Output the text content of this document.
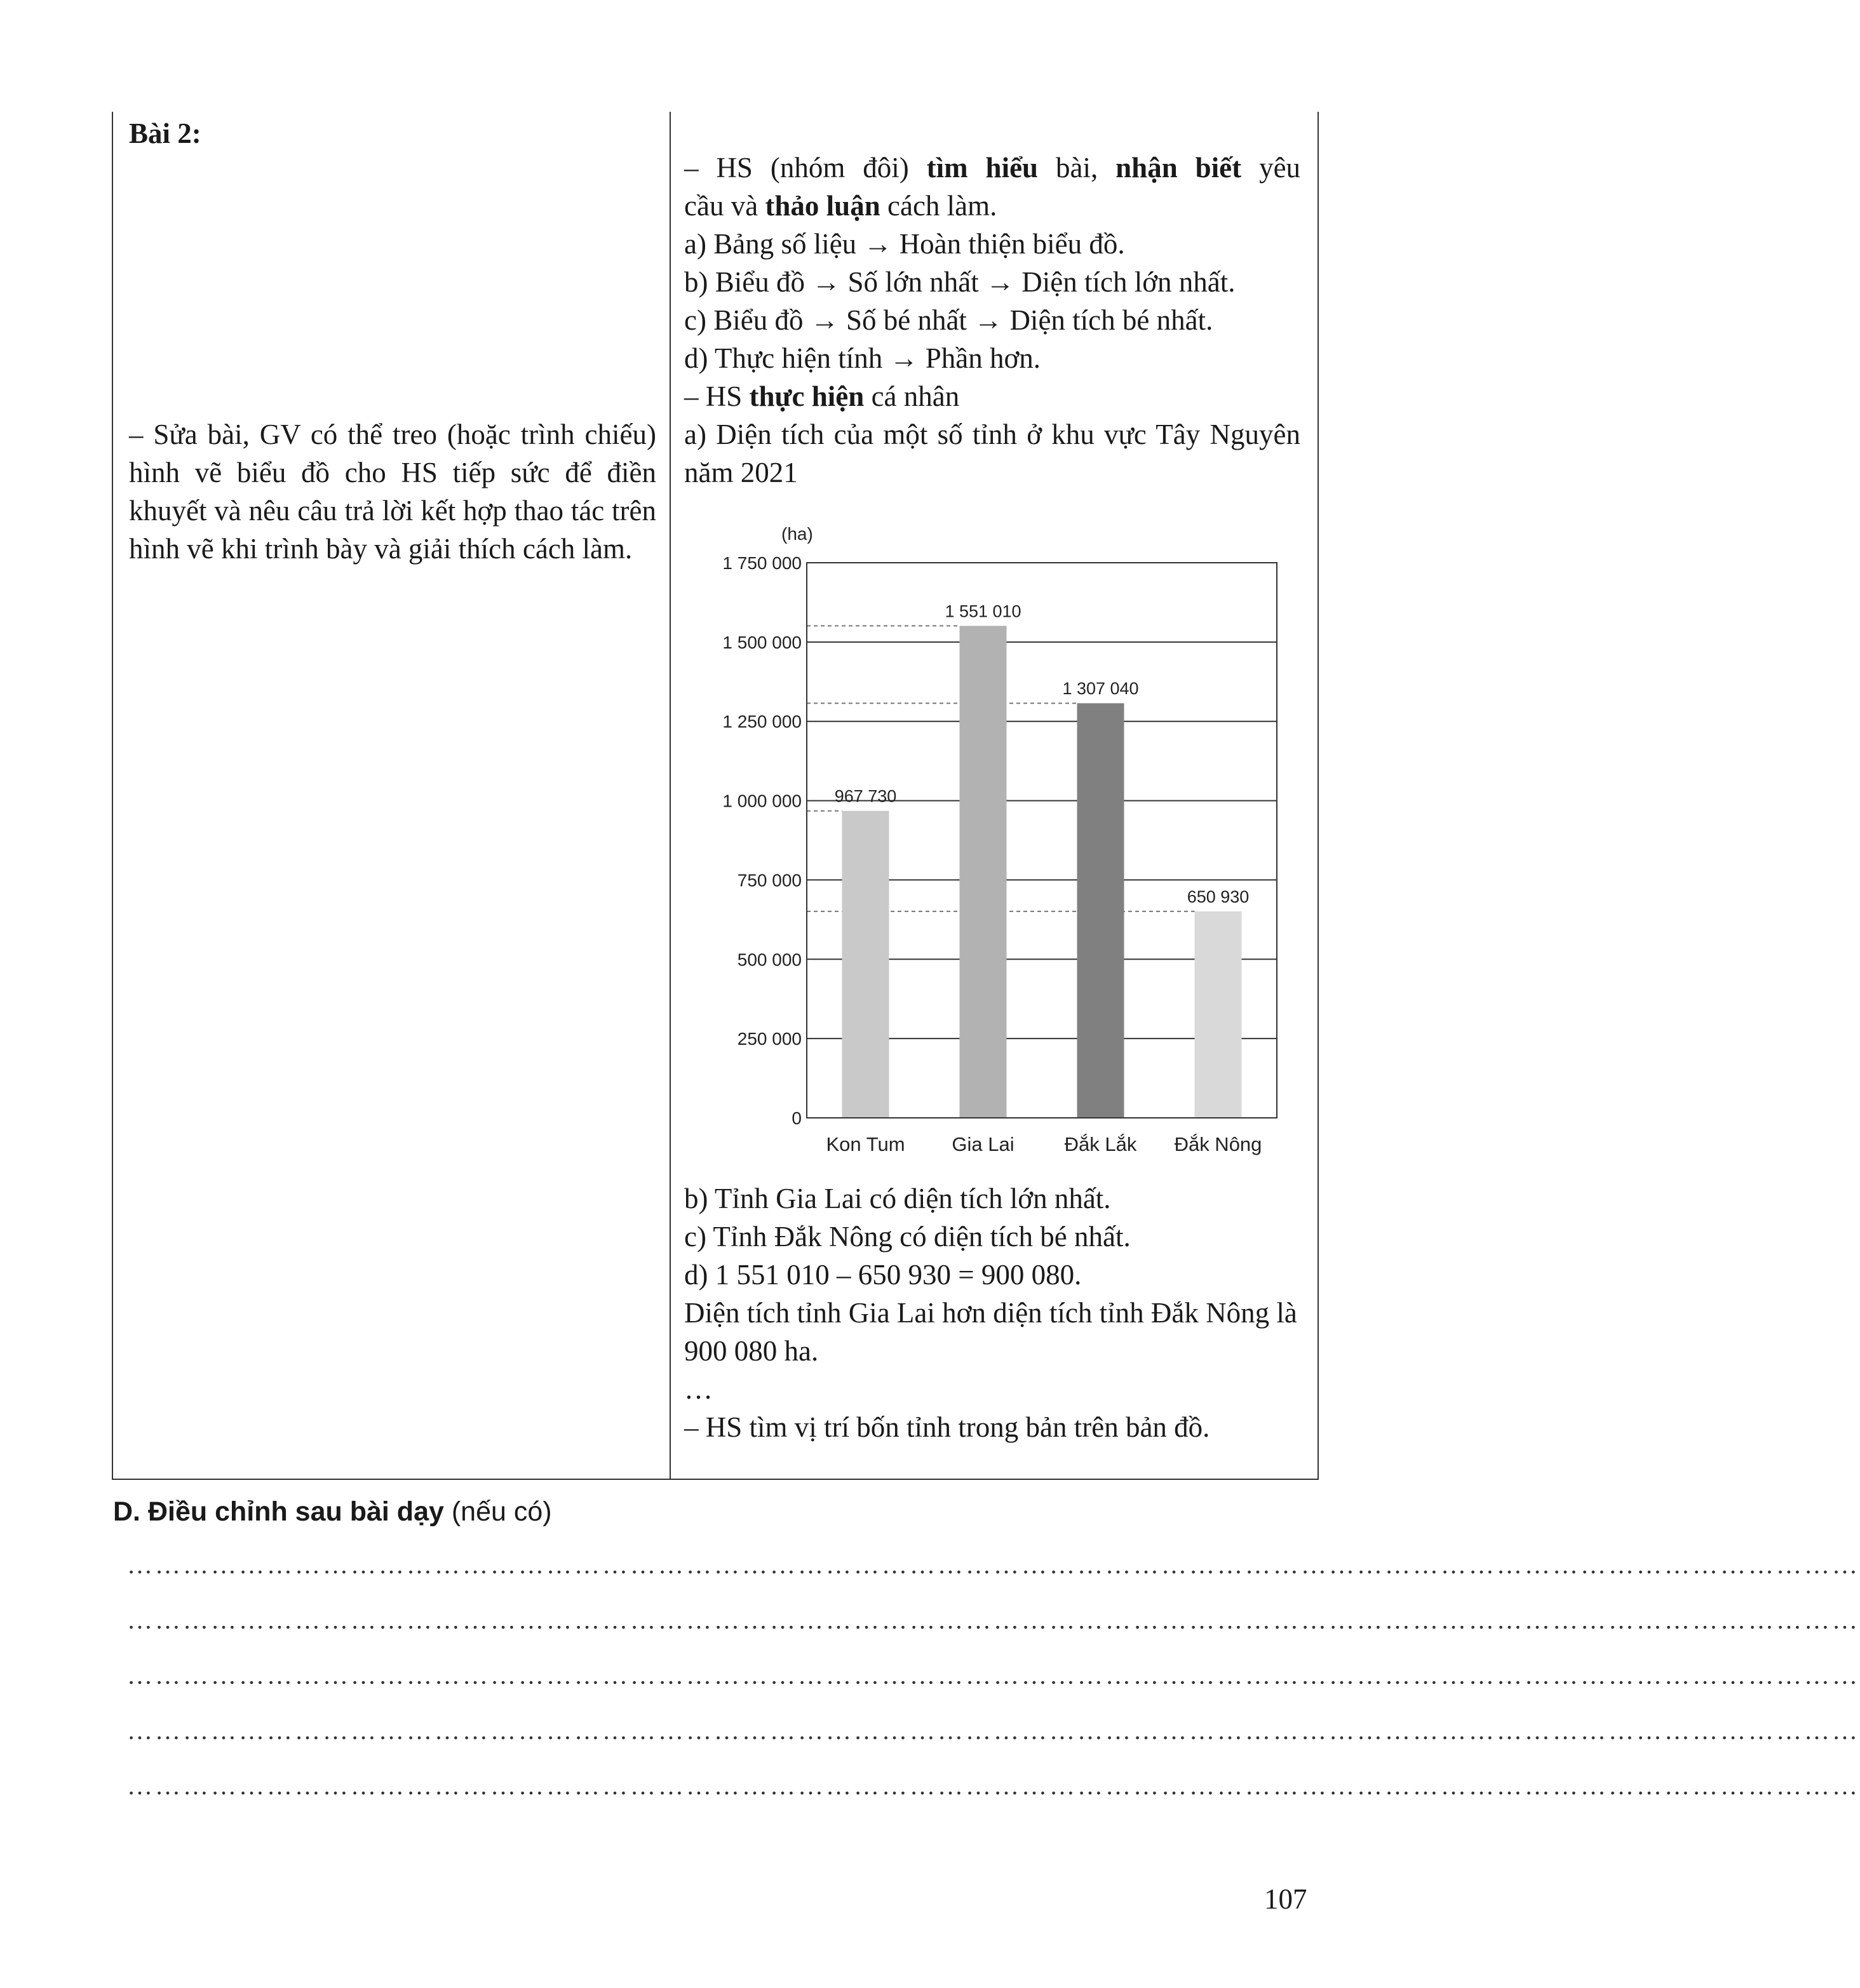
Bài 2:
– Sửa bài, GV có thể treo (hoặc trình chiếu) hình vẽ biểu đồ cho HS tiếp sức để điền khuyết và nêu câu trả lời kết hợp thao tác trên hình vẽ khi trình bày và giải thích cách làm.
– HS (nhóm đôi) tìm hiểu bài, nhận biết yêu
cầu và thảo luận cách làm.
a) Bảng số liệu → Hoàn thiện biểu đồ.
b) Biểu đồ → Số lớn nhất → Diện tích lớn nhất.
c) Biểu đồ → Số bé nhất → Diện tích bé nhất.
d) Thực hiện tính → Phần hơn.
– HS thực hiện cá nhân
a) Diện tích của một số tỉnh ở khu vực Tây Nguyên năm 2021
(ha)
0
250 000
500 000
750 000
1 000 000
1 250 000
1 500 000
1 750 000
967 730
Kon Tum
1 551 010
Gia Lai
1 307 040
Đắk Lắk
650 930
Đắk Nông
b) Tỉnh Gia Lai có diện tích lớn nhất.
c) Tỉnh Đắk Nông có diện tích bé nhất.
d) 1 551 010 – 650 930 = 900 080.
Diện tích tỉnh Gia Lai hơn diện tích tỉnh Đắk Nông là 900 080 ha.
…
– HS tìm vị trí bốn tỉnh trong bản trên bản đồ.
D. Điều chỉnh sau bài dạy (nếu có)
……………………………………………………………………………………………………………………………………………………………………
……………………………………………………………………………………………………………………………………………………………………
……………………………………………………………………………………………………………………………………………………………………
……………………………………………………………………………………………………………………………………………………………………
……………………………………………………………………………………………………………………………………………………………………
107
